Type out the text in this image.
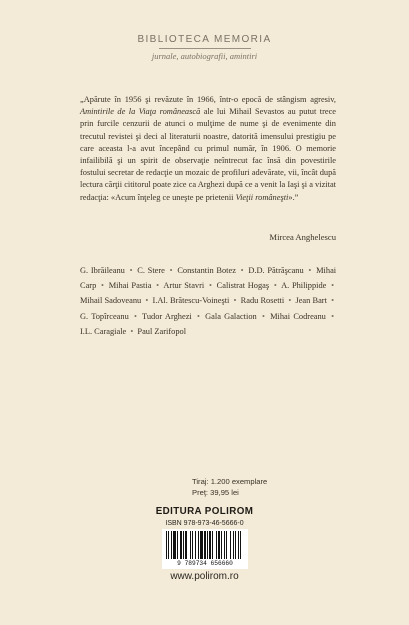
BIBLIOTECA MEMORIA
jurnale, autobiografii, amintiri

„Apărute în 1956 şi revăzute în 1966, într-o epocă de stângism agresiv, Amintirile de la Viaţa românească ale lui Mihail Sevastos au putut trece prin furcile cenzurii de atunci o mulţime de nume şi de evenimente din trecutul revistei şi deci al literaturii noastre, datorită imensului prestigiu pe care aceasta l-a avut începând cu primul număr, în 1906. O memorie infailibilă şi un spirit de observaţie neîntrecut fac însă din povestirile fostului secretar de redacţie un mozaic de profiluri adevărate, vii, încât după lectura cărţii cititorul poate zice ca Arghezi după ce a venit la Iaşi şi a vizitat redacţia: «Acum înţeleg ce uneşte pe prietenii Vieţii româneşti».”

Mircea Anghelescu
G. Ibrăileanu • C. Stere • Constantin Botez • D.D. Pătrăşcanu • Mihai Carp • Mihai Pastia • Artur Stavri • Calistrat Hogaş • A. Philippide • Mihail Sadoveanu • I.Al. Brătescu-Voineşti • Radu Rosetti • Jean Bart • G. Topîrceanu • Tudor Arghezi • Gala Galaction • Mihai Codreanu • I.L. Caragiale • Paul Zarifopol
Tiraj: 1.200 exemplare
Preţ: 39,95 lei
EDITURA POLIROM
ISBN 978-973-46-5666-0
9 789734 656660
www.polirom.ro
